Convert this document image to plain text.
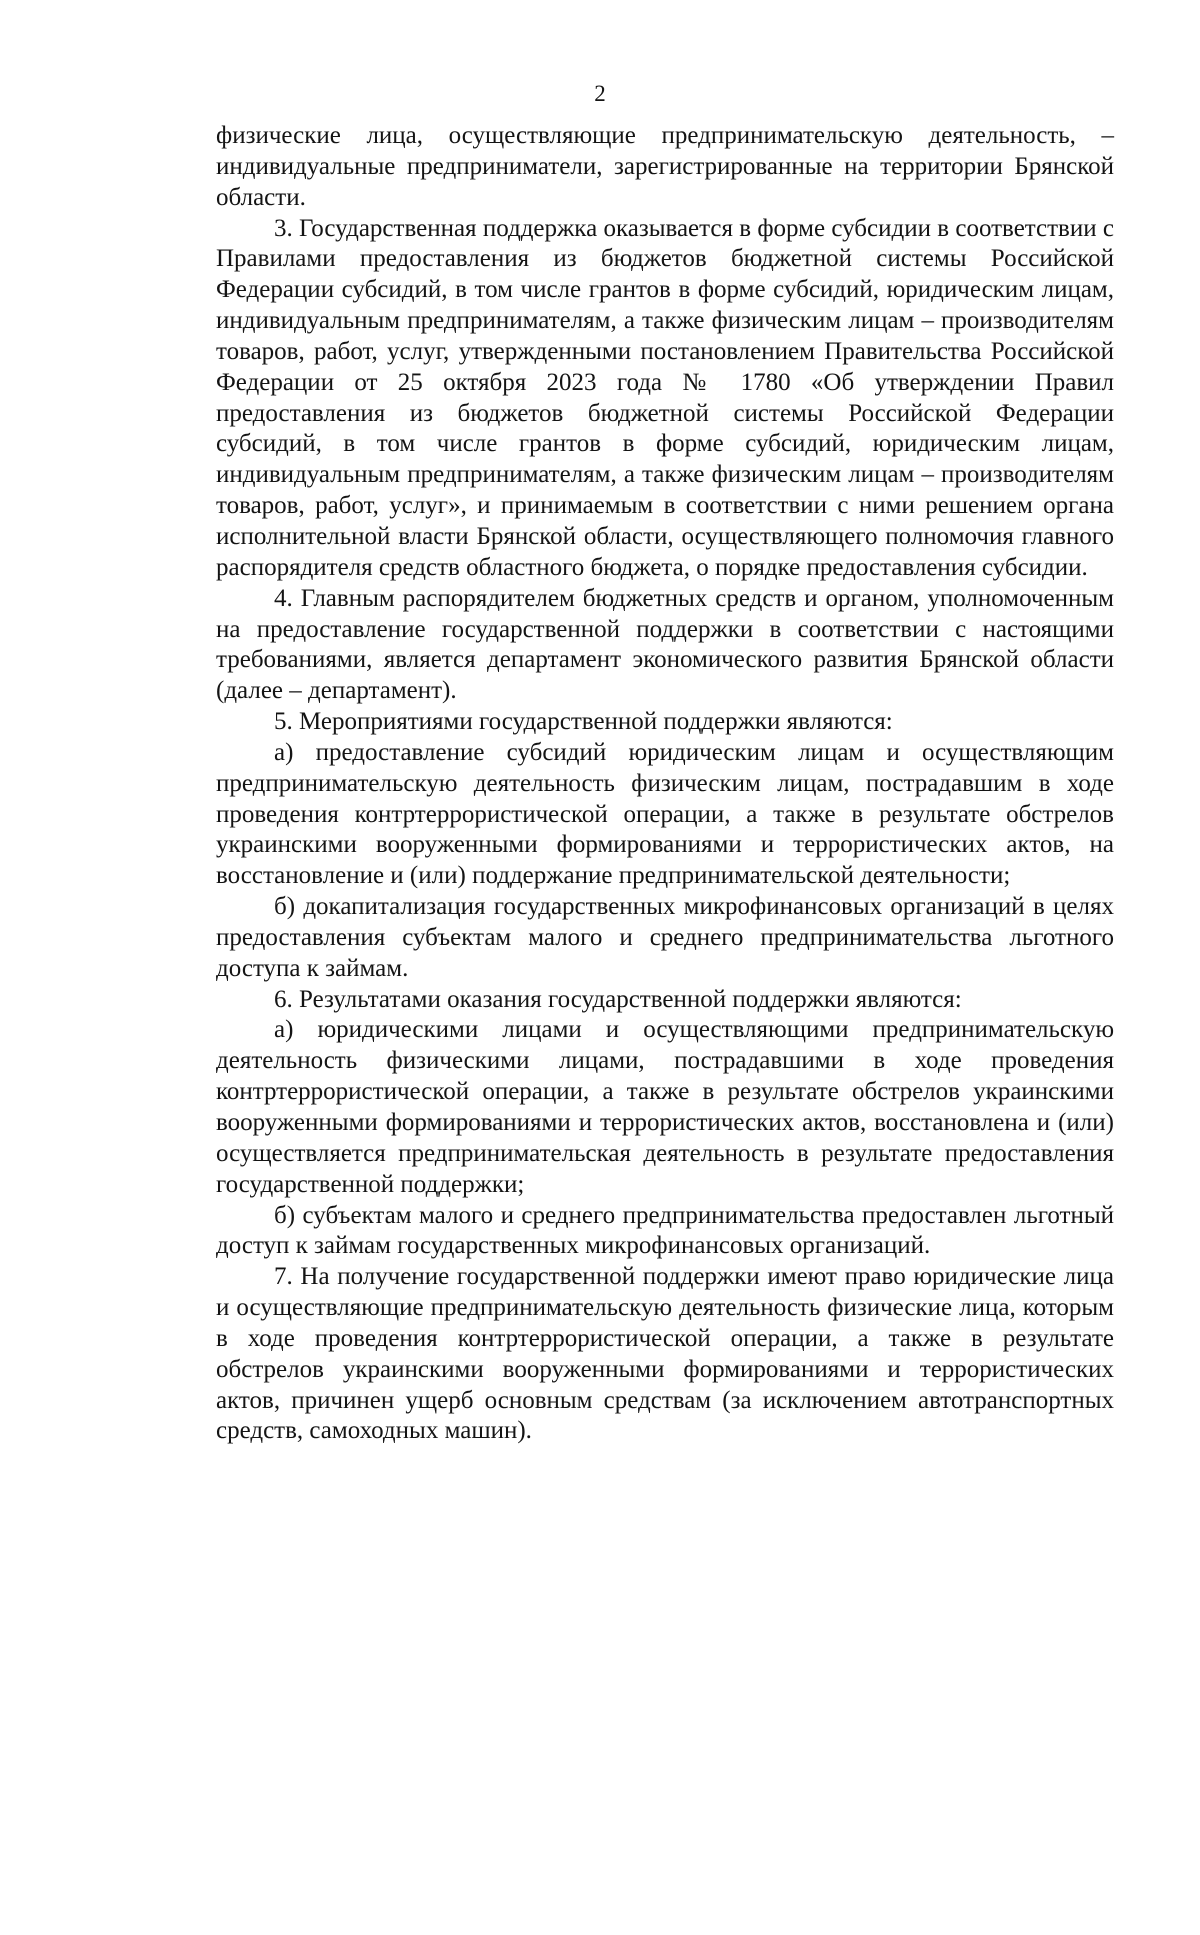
2

физические лица, осуществляющие предпринимательскую деятельность, – индивидуальные предприниматели, зарегистрированные на территории Брянской области.

3. Государственная поддержка оказывается в форме субсидии в соответствии с Правилами предоставления из бюджетов бюджетной системы Российской Федерации субсидий, в том числе грантов в форме субсидий, юридическим лицам, индивидуальным предпринимателям, а также физическим лицам – производителям товаров, работ, услуг, утвержденными постановлением Правительства Российской Федерации от 25 октября 2023 года № 1780 «Об утверждении Правил предоставления из бюджетов бюджетной системы Российской Федерации субсидий, в том числе грантов в форме субсидий, юридическим лицам, индивидуальным предпринимателям, а также физическим лицам – производителям товаров, работ, услуг», и принимаемым в соответствии с ними решением органа исполнительной власти Брянской области, осуществляющего полномочия главного распорядителя средств областного бюджета, о порядке предоставления субсидии.

4. Главным распорядителем бюджетных средств и органом, уполномоченным на предоставление государственной поддержки в соответствии с настоящими требованиями, является департамент экономического развития Брянской области (далее – департамент).

5. Мероприятиями государственной поддержки являются:

а) предоставление субсидий юридическим лицам и осуществляющим предпринимательскую деятельность физическим лицам, пострадавшим в ходе проведения контртеррористической операции, а также в результате обстрелов украинскими вооруженными формированиями и террористических актов, на восстановление и (или) поддержание предпринимательской деятельности;

б) докапитализация государственных микрофинансовых организаций в целях предоставления субъектам малого и среднего предпринимательства льготного доступа к займам.

6. Результатами оказания государственной поддержки являются:

а) юридическими лицами и осуществляющими предпринимательскую деятельность физическими лицами, пострадавшими в ходе проведения контртеррористической операции, а также в результате обстрелов украинскими вооруженными формированиями и террористических актов, восстановлена и (или) осуществляется предпринимательская деятельность в результате предоставления государственной поддержки;

б) субъектам малого и среднего предпринимательства предоставлен льготный доступ к займам государственных микрофинансовых организаций.

7. На получение государственной поддержки имеют право юридические лица и осуществляющие предпринимательскую деятельность физические лица, которым в ходе проведения контртеррористической операции, а также в результате обстрелов украинскими вооруженными формированиями и террористических актов, причинен ущерб основным средствам (за исключением автотранспортных средств, самоходных машин).
